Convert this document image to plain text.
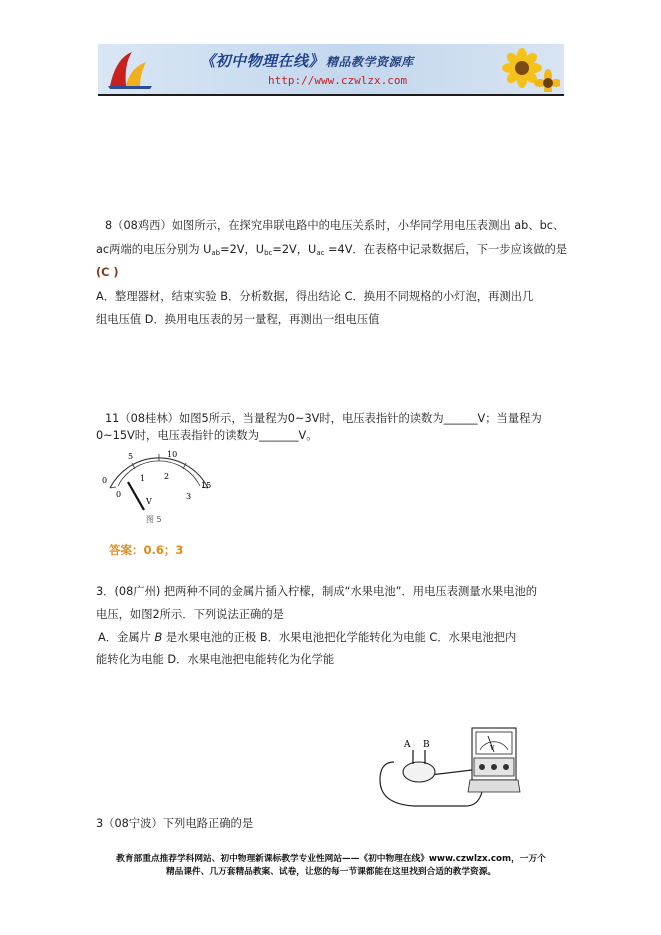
《初中物理在线》 精品教学资源库
http://www.czwlzx.com
8（08鸡西）如图所示，在探究串联电路中的电压关系时，小华同学用电压表测出 ab、bc、
ac两端的电压分别为 $U_{ab}=2V$，$U_{bc}=2V$，$U_{ac} =4V$．在表格中记录数据后，下一步应该做的是
(C )
A．整理器材，结束实验 B．分析数据，得出结论 C．换用不同规格的小灯泡，再测出几
组电压值 D．换用电压表的另一量程，再测出一组电压值
11（08桂林）如图5所示，当量程为0~3V时，电压表指针的读数为______V；当量程为
0~15V时，电压表指针的读数为_______V。
0
5	10
15
0
1 2
3
V
图 5
答案：0.6；3
3．(08广州) 把两种不同的金属片插入柠檬，制成“水果电池”．用电压表测量水果电池的
电压，如图2所示．下列说法正确的是
A．金属片 B 是水果电池的正极 B．水果电池把化学能转化为电能 C．水果电池把内
能转化为电能 D．水果电池把电能转化为化学能
A B	V
3（08宁波）下列电路正确的是
教育部重点推荐学科网站、初中物理新课标教学专业性网站——《初中物理在线》www.czwlzx.com，一万个
精品课件、几万套精品教案、试卷，让您的每一节课都能在这里找到合适的教学资源。
